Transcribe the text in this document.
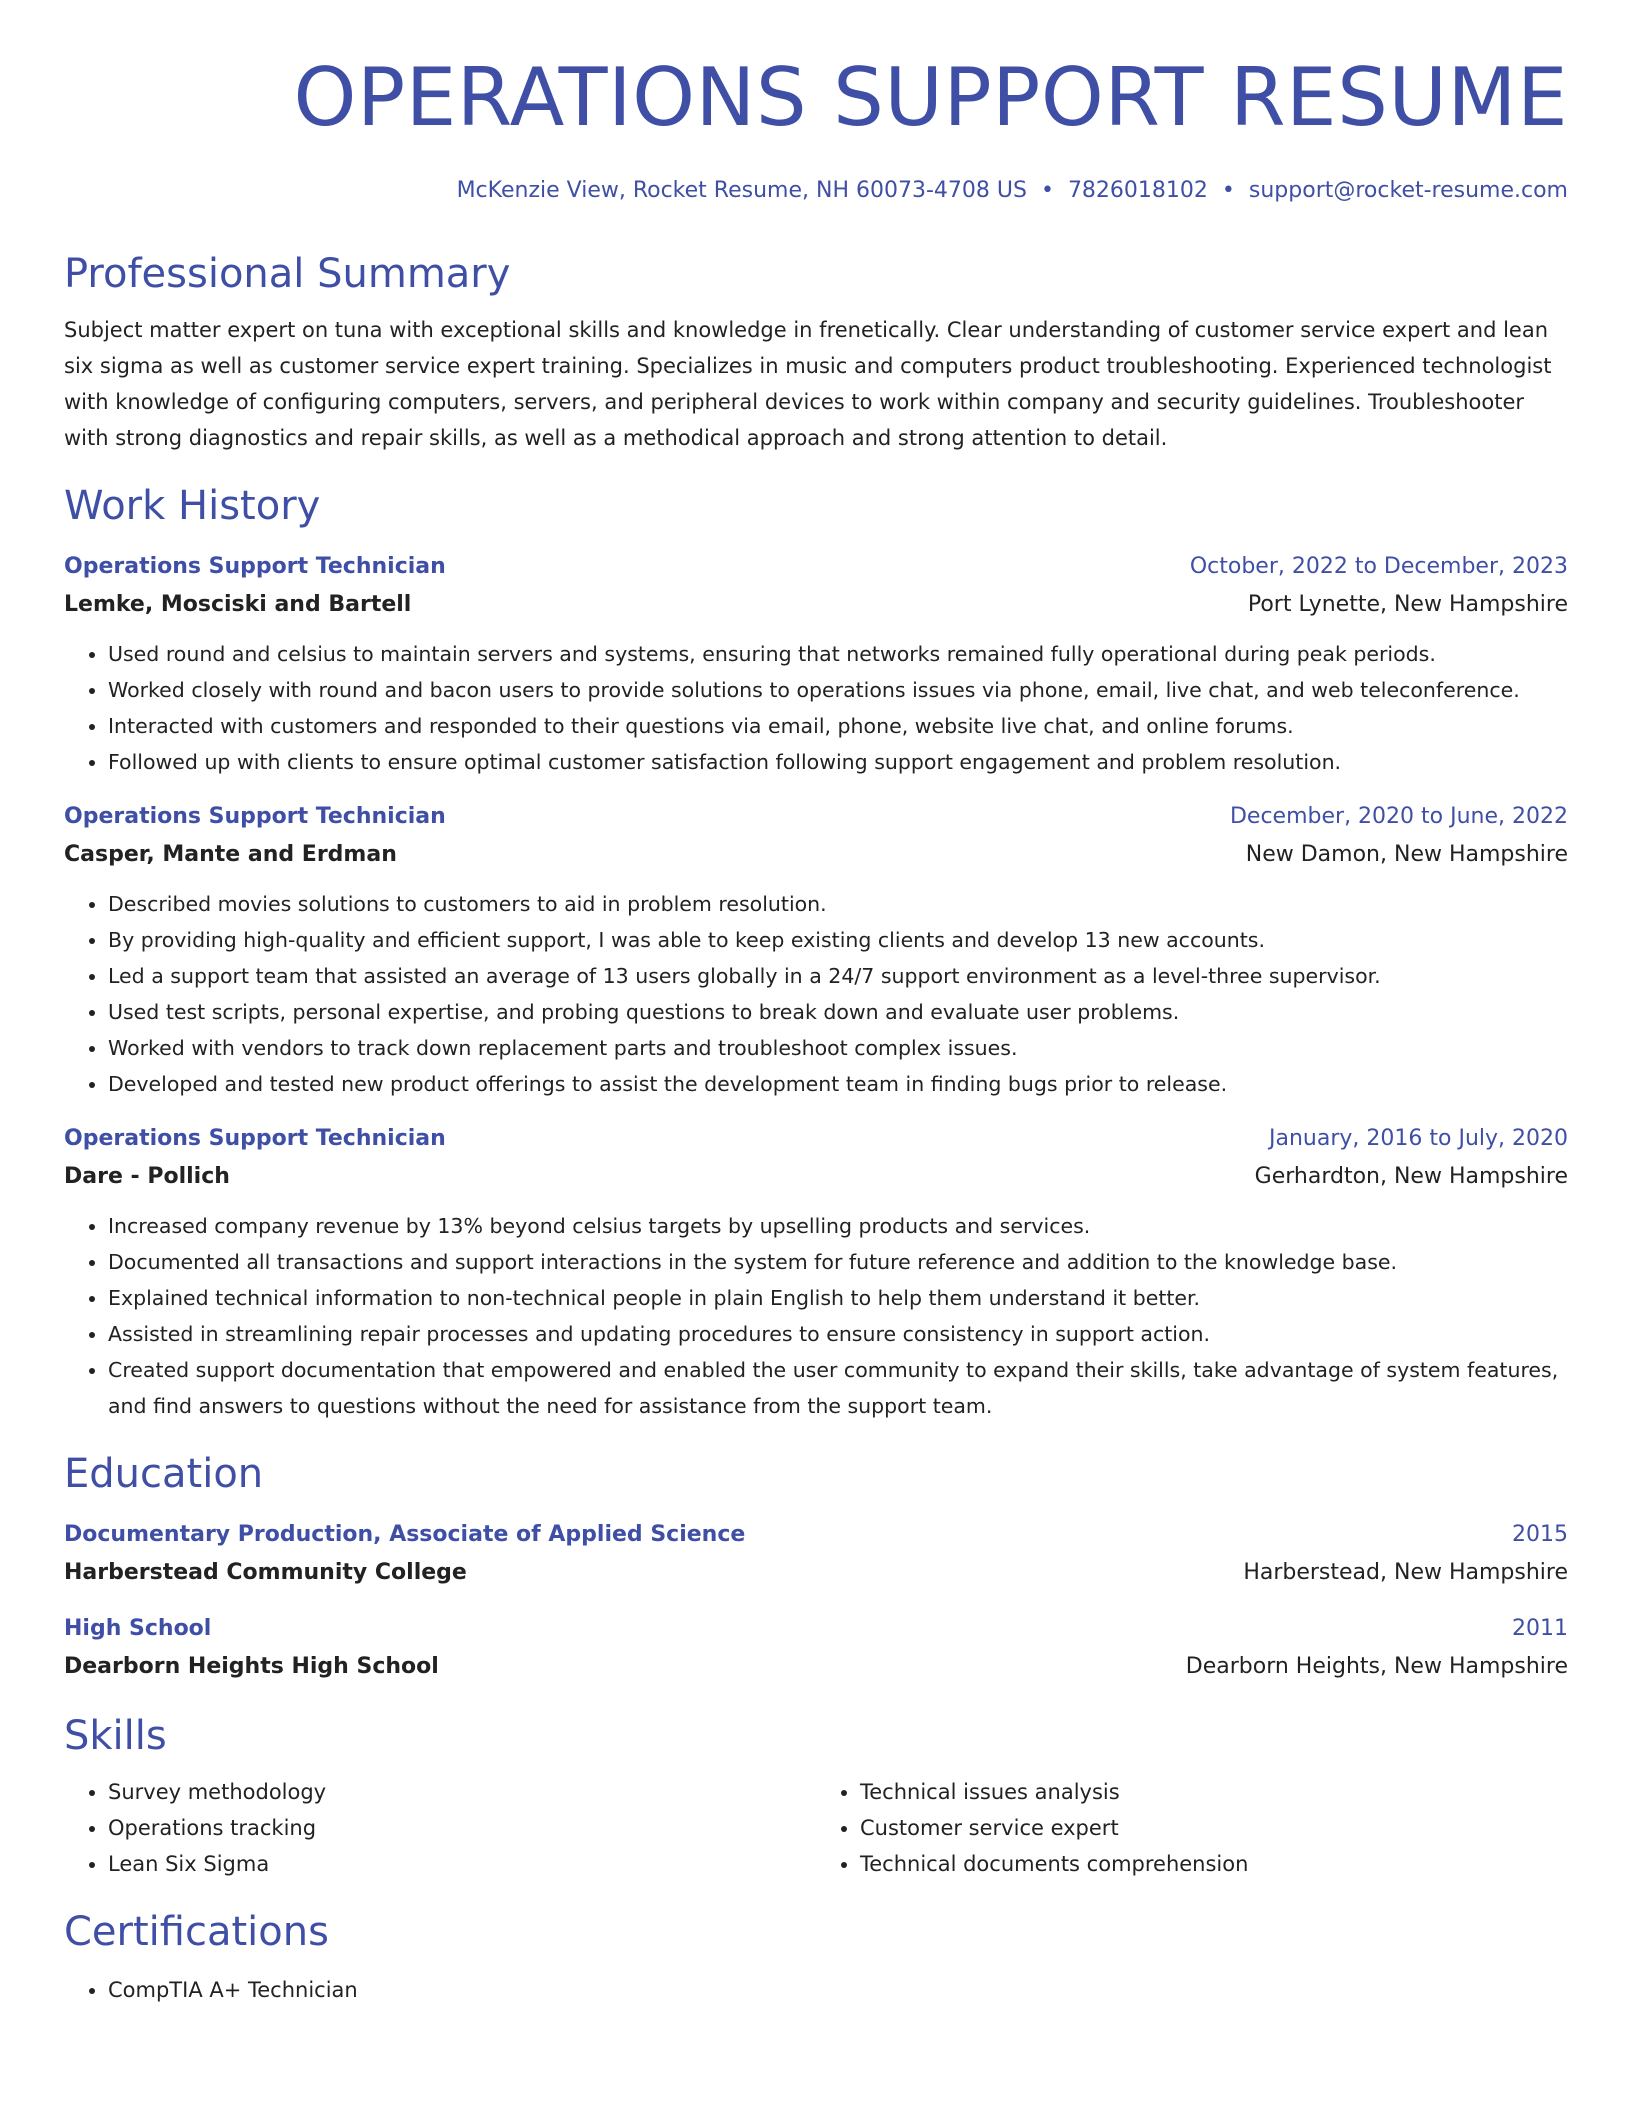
OPERATIONS SUPPORT RESUME
McKenzie View, Rocket Resume, NH 60073-4708 US • 7826018102 • support@rocket-resume.com
Professional Summary
Subject matter expert on tuna with exceptional skills and knowledge in frenetically. Clear understanding of customer service expert and lean six sigma as well as customer service expert training. Specializes in music and computers product troubleshooting. Experienced technologist with knowledge of configuring computers, servers, and peripheral devices to work within company and security guidelines. Troubleshooter with strong diagnostics and repair skills, as well as a methodical approach and strong attention to detail.
Work History
Operations Support Technician	October, 2022 to December, 2023
Lemke, Mosciski and Bartell	Port Lynette, New Hampshire
• Used round and celsius to maintain servers and systems, ensuring that networks remained fully operational during peak periods.
• Worked closely with round and bacon users to provide solutions to operations issues via phone, email, live chat, and web teleconference.
• Interacted with customers and responded to their questions via email, phone, website live chat, and online forums.
• Followed up with clients to ensure optimal customer satisfaction following support engagement and problem resolution.
Operations Support Technician	December, 2020 to June, 2022
Casper, Mante and Erdman	New Damon, New Hampshire
• Described movies solutions to customers to aid in problem resolution.
• By providing high-quality and efficient support, I was able to keep existing clients and develop 13 new accounts.
• Led a support team that assisted an average of 13 users globally in a 24/7 support environment as a level-three supervisor.
• Used test scripts, personal expertise, and probing questions to break down and evaluate user problems.
• Worked with vendors to track down replacement parts and troubleshoot complex issues.
• Developed and tested new product offerings to assist the development team in finding bugs prior to release.
Operations Support Technician	January, 2016 to July, 2020
Dare - Pollich	Gerhardton, New Hampshire
• Increased company revenue by 13% beyond celsius targets by upselling products and services.
• Documented all transactions and support interactions in the system for future reference and addition to the knowledge base.
• Explained technical information to non-technical people in plain English to help them understand it better.
• Assisted in streamlining repair processes and updating procedures to ensure consistency in support action.
• Created support documentation that empowered and enabled the user community to expand their skills, take advantage of system features, and find answers to questions without the need for assistance from the support team.
Education
Documentary Production, Associate of Applied Science	2015
Harberstead Community College	Harberstead, New Hampshire
High School	2011
Dearborn Heights High School	Dearborn Heights, New Hampshire
Skills
• Survey methodology
• Operations tracking
• Lean Six Sigma
• Technical issues analysis
• Customer service expert
• Technical documents comprehension
Certifications
• CompTIA A+ Technician
